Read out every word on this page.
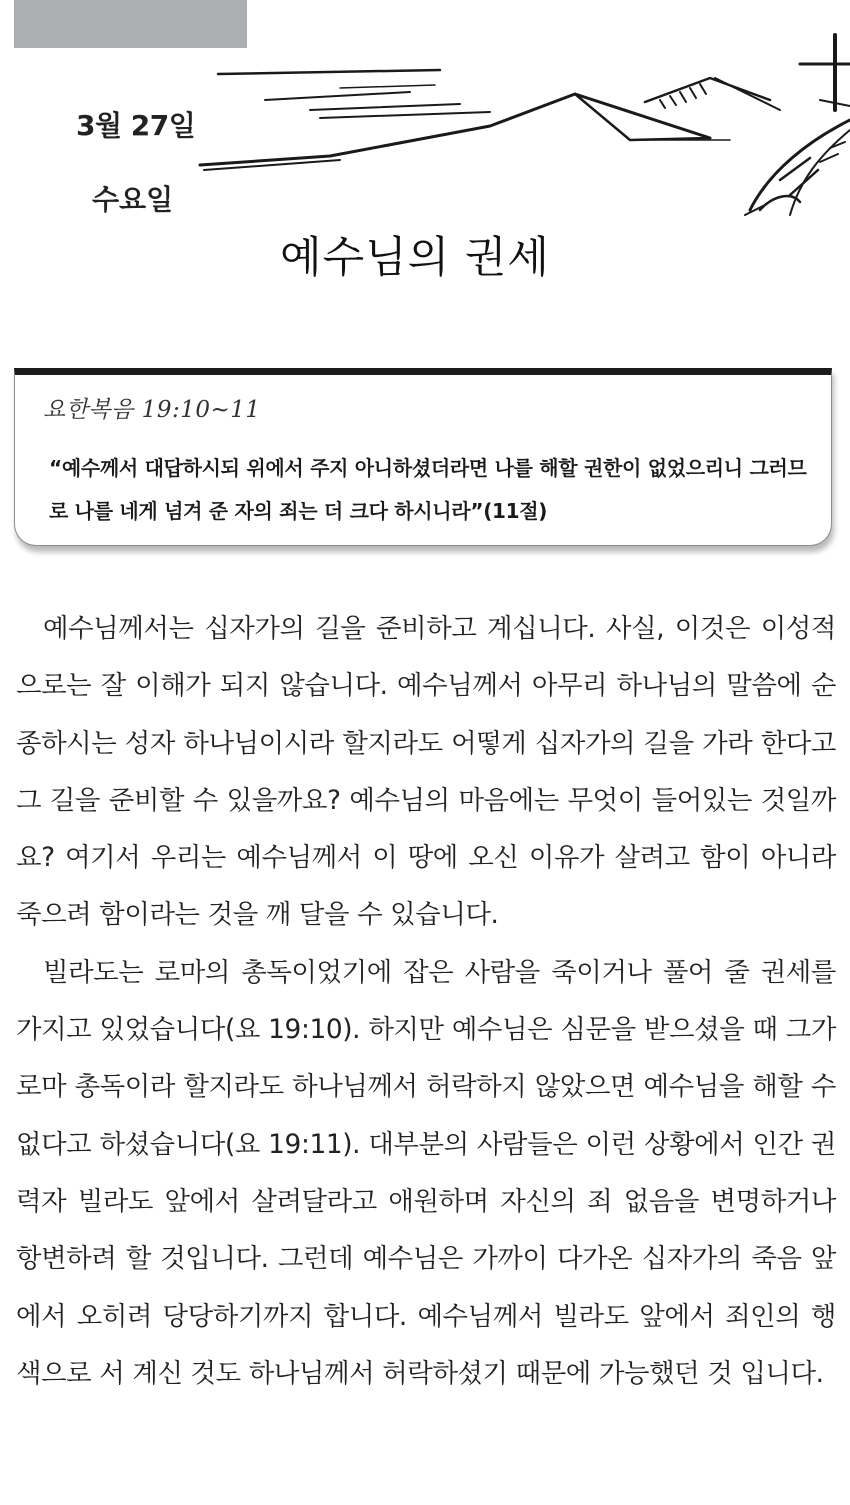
3월 27일
수요일
예수님의 권세
요한복음 19:10~11
“예수께서 대답하시되 위에서 주지 아니하셨더라면 나를 해할 권한이 없었으리니 그러므로 나를 네게 넘겨 준 자의 죄는 더 크다 하시니라”(11절)

예수님께서는 십자가의 길을 준비하고 계십니다. 사실, 이것은 이성적으로는 잘 이해가 되지 않습니다. 예수님께서 아무리 하나님의 말씀에 순종하시는 성자 하나님이시라 할지라도 어떻게 십자가의 길을 가라 한다고 그 길을 준비할 수 있을까요? 예수님의 마음에는 무엇이 들어있는 것일까요? 여기서 우리는 예수님께서 이 땅에 오신 이유가 살려고 함이 아니라 죽으려 함이라는 것을 깨 달을 수 있습니다.

빌라도는 로마의 총독이었기에 잡은 사람을 죽이거나 풀어 줄 권세를 가지고 있었습니다(요 19:10). 하지만 예수님은 심문을 받으셨을 때 그가 로마 총독이라 할지라도 하나님께서 허락하지 않았으면 예수님을 해할 수 없다고 하셨습니다(요 19:11). 대부분의 사람들은 이런 상황에서 인간 권력자 빌라도 앞에서 살려달라고 애원하며 자신의 죄 없음을 변명하거나 항변하려 할 것입니다. 그런데 예수님은 가까이 다가온 십자가의 죽음 앞에서 오히려 당당하기까지 합니다. 예수님께서 빌라도 앞에서 죄인의 행색으로 서 계신 것도 하나님께서 허락하셨기 때문에 가능했던 것 입니다.
